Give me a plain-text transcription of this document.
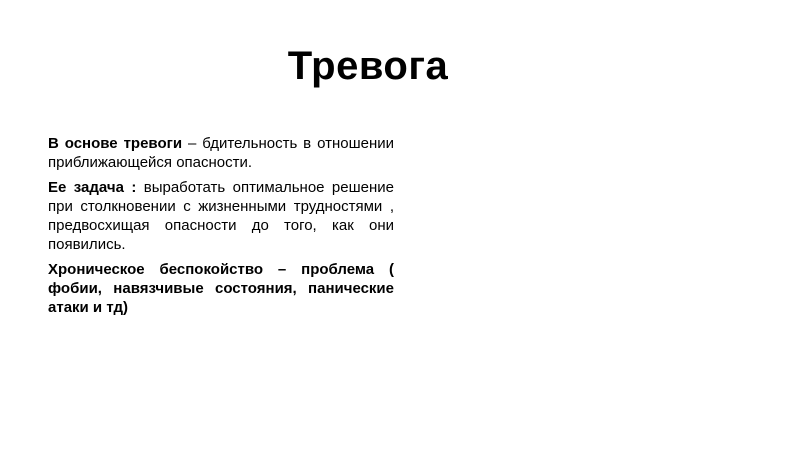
Тревога

В основе тревоги – бдительность в отношении приближающейся опасности.

Ее задача : выработать оптимальное решение при столкновении с жизненными трудностями , предвосхищая опасности до того, как они появились.

Хроническое беспокойство – проблема ( фобии, навязчивые состояния, панические атаки и тд)
